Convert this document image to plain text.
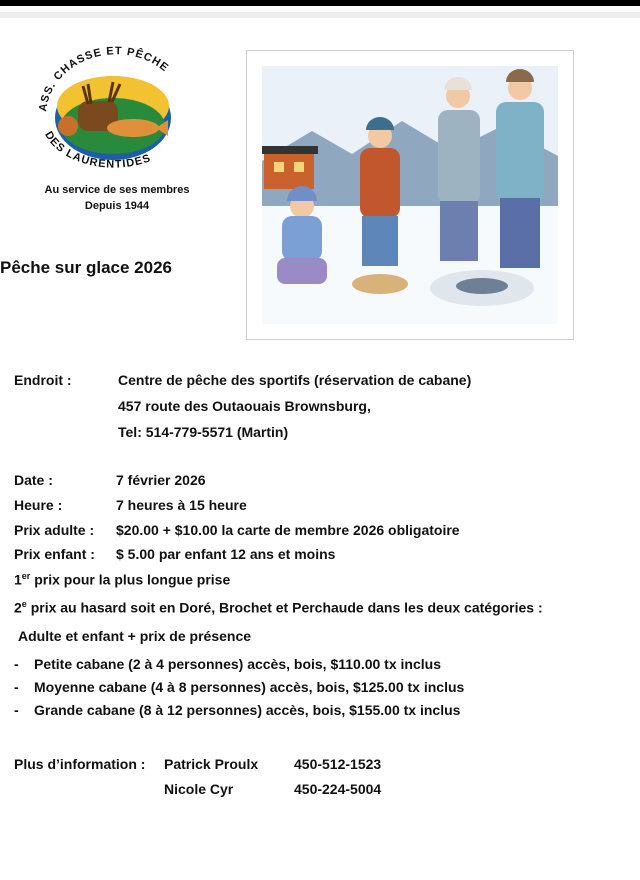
ASS. CHASSE ET PÊCHE
DES LAURENTIDES
Au service de ses membres
Depuis 1944
Pêche sur glace 2026
Endroit :	Centre de pêche des sportifs (réservation de cabane)
457 route des Outaouais Brownsburg,
Tel: 514-779-5571 (Martin)
Date :	7 février 2026
Heure :	7 heures à 15 heure
Prix adulte : $20.00 + $10.00 la carte de membre 2026 obligatoire
Prix enfant : $ 5.00 par enfant 12 ans et moins
1er prix pour la plus longue prise
2e prix au hasard soit en Doré, Brochet et Perchaude dans les deux catégories :
Adulte et enfant + prix de présence
- Petite cabane (2 à 4 personnes) accès, bois, $110.00 tx inclus
- Moyenne cabane (4 à 8 personnes) accès, bois, $125.00 tx inclus
- Grande cabane (8 à 12 personnes) accès, bois, $155.00 tx inclus
Plus d’information : Patrick Proulx	450-512-1523
Nicole Cyr	450-224-5004
